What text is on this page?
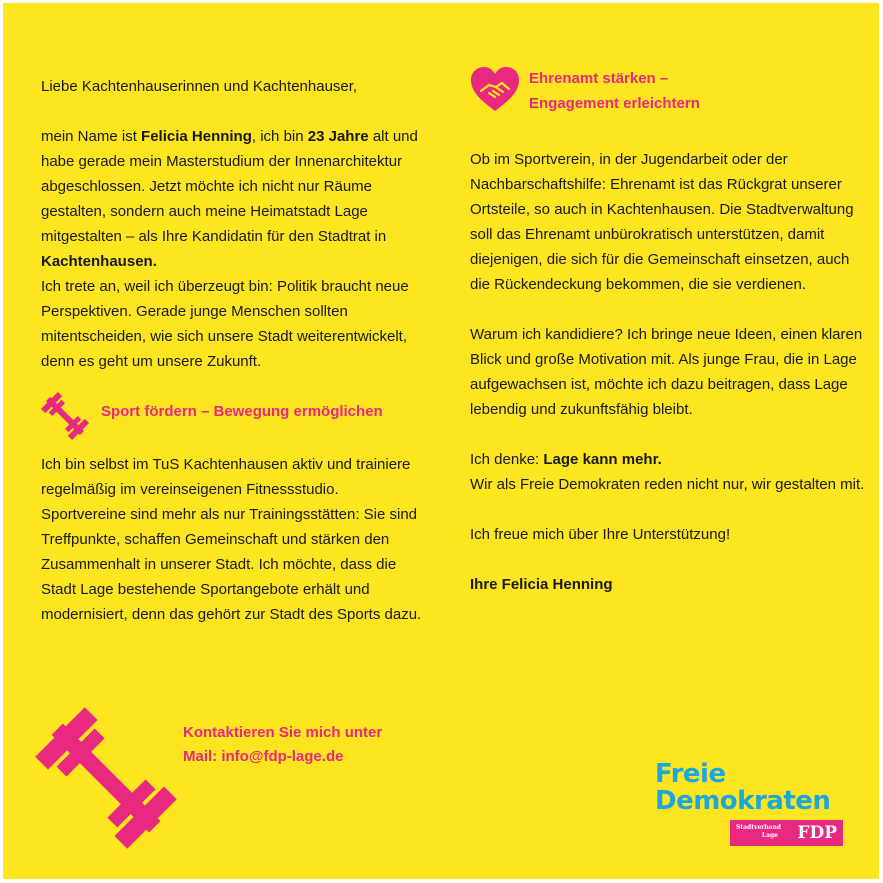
Liebe Kachtenhauserinnen und Kachtenhauser,

mein Name ist Felicia Henning, ich bin 23 Jahre alt und habe gerade mein Masterstudium der Innenarchitektur abgeschlossen. Jetzt möchte ich nicht nur Räume gestalten, sondern auch meine Heimatstadt Lage mitgestalten – als Ihre Kandidatin für den Stadtrat in Kachtenhausen.

Ich trete an, weil ich überzeugt bin: Politik braucht neue Perspektiven. Gerade junge Menschen sollten mitentscheiden, wie sich unsere Stadt weiterentwickelt, denn es geht um unsere Zukunft.

Sport fördern – Bewegung ermöglichen

Ich bin selbst im TuS Kachtenhausen aktiv und trainiere regelmäßig im vereinseigenen Fitnessstudio. Sportvereine sind mehr als nur Trainingsstätten: Sie sind Treffpunkte, schaffen Gemeinschaft und stärken den Zusammenhalt in unserer Stadt. Ich möchte, dass die Stadt Lage bestehende Sportangebote erhält und modernisiert, denn das gehört zur Stadt des Sports dazu.

Ehrenamt stärken –
Engagement erleichtern

Ob im Sportverein, in der Jugendarbeit oder der Nachbarschaftshilfe: Ehrenamt ist das Rückgrat unserer Ortsteile, so auch in Kachtenhausen. Die Stadtverwaltung soll das Ehrenamt unbürokratisch unterstützen, damit diejenigen, die sich für die Gemeinschaft einsetzen, auch die Rückendeckung bekommen, die sie verdienen.

Warum ich kandidiere? Ich bringe neue Ideen, einen klaren Blick und große Motivation mit. Als junge Frau, die in Lage aufgewachsen ist, möchte ich dazu beitragen, dass Lage lebendig und zukunftsfähig bleibt.

Ich denke: Lage kann mehr.

Wir als Freie Demokraten reden nicht nur, wir gestalten mit.

Ich freue mich über Ihre Unterstützung!

Ihre Felicia Henning

Kontaktieren Sie mich unter
Mail: info@fdp-lage.de
Freie
Demokraten
Stadtverband
Lage FDP
